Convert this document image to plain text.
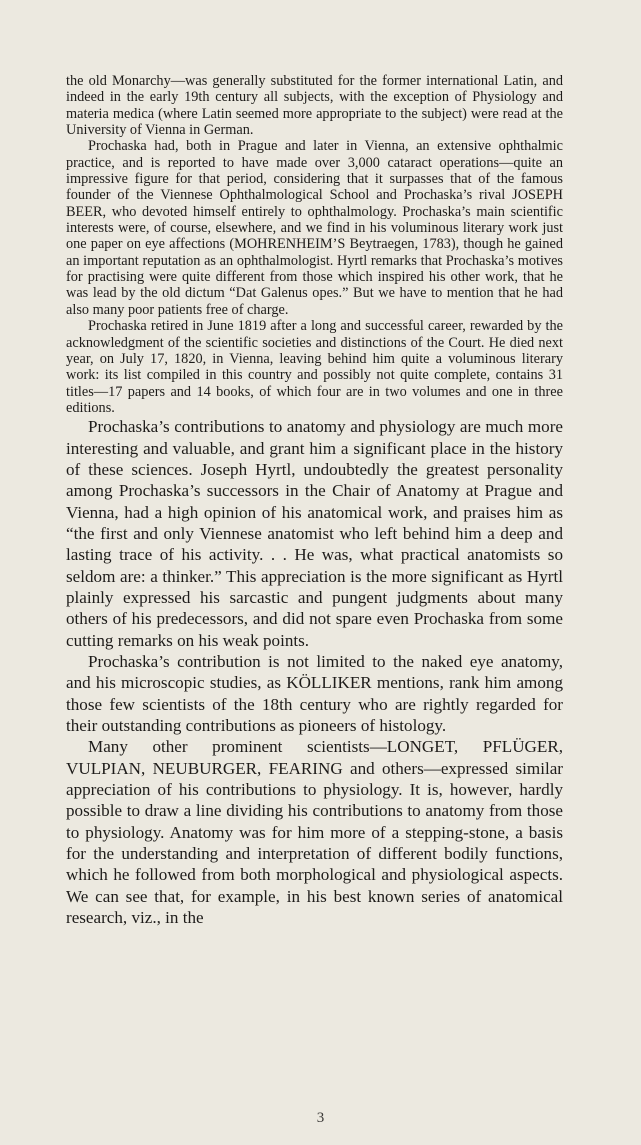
the old Monarchy—was generally substituted for the former international Latin, and indeed in the early 19th century all subjects, with the exception of Physiology and materia medica (where Latin seemed more appropriate to the subject) were read at the University of Vienna in German.

Prochaska had, both in Prague and later in Vienna, an extensive ophthalmic practice, and is reported to have made over 3,000 cataract operations—quite an impressive figure for that period, considering that it surpasses that of the famous founder of the Viennese Ophthalmological School and Prochaska’s rival JOSEPH BEER, who devoted himself entirely to ophthalmology. Prochaska’s main scientific interests were, of course, elsewhere, and we find in his voluminous literary work just one paper on eye affections (MOHRENHEIM’S Beytraegen, 1783), though he gained an important reputation as an ophthalmologist. Hyrtl remarks that Prochaska’s motives for practising were quite different from those which inspired his other work, that he was lead by the old dictum “Dat Galenus opes.” But we have to mention that he had also many poor patients free of charge.

Prochaska retired in June 1819 after a long and successful career, rewarded by the acknowledgment of the scientific societies and distinctions of the Court. He died next year, on July 17, 1820, in Vienna, leaving behind him quite a voluminous literary work: its list compiled in this country and possibly not quite complete, contains 31 titles—17 papers and 14 books, of which four are in two volumes and one in three editions.

Prochaska’s contributions to anatomy and physiology are much more interesting and valuable, and grant him a significant place in the history of these sciences. Joseph Hyrtl, undoubtedly the greatest personality among Prochaska’s successors in the Chair of Anatomy at Prague and Vienna, had a high opinion of his anatomical work, and praises him as “the first and only Viennese anatomist who left behind him a deep and lasting trace of his activity. . . He was, what practical anatomists so seldom are: a thinker.” This appreciation is the more significant as Hyrtl plainly expressed his sarcastic and pungent judgments about many others of his predecessors, and did not spare even Prochaska from some cutting remarks on his weak points.

Prochaska’s contribution is not limited to the naked eye anatomy, and his microscopic studies, as KÖLLIKER mentions, rank him among those few scientists of the 18th century who are rightly regarded for their outstanding contributions as pioneers of histology.

Many other prominent scientists—LONGET, PFLÜGER, VULPIAN, NEUBURGER, FEARING and others—expressed similar appreciation of his contributions to physiology. It is, however, hardly possible to draw a line dividing his contributions to anatomy from those to physiology. Anatomy was for him more of a stepping-stone, a basis for the understanding and interpretation of different bodily functions, which he followed from both morphological and physiological aspects. We can see that, for example, in his best known series of anatomical research, viz., in the

3
